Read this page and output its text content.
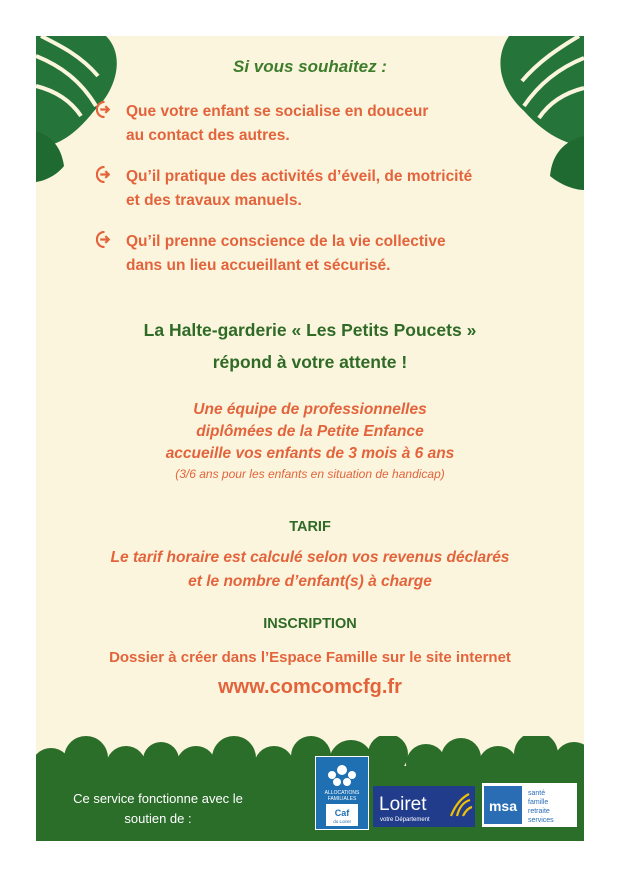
Si vous souhaitez :
Que votre enfant se socialise en douceur
au contact des autres.
Qu’il pratique des activités d’éveil, de motricité
et des travaux manuels.
Qu’il prenne conscience de la vie collective
dans un lieu accueillant et sécurisé.
La Halte-garderie « Les Petits Poucets »
répond à votre attente !
Une équipe de professionnelles
diplômées de la Petite Enfance
accueille vos enfants de 3 mois à 6 ans
(3/6 ans pour les enfants en situation de handicap)
TARIF
Le tarif horaire est calculé selon vos revenus déclarés
et le nombre d’enfant(s) à charge
INSCRIPTION
Dossier à créer dans l’Espace Famille sur le site internet
www.comcomcfg.fr
Ce service fonctionne avec le
soutien de :
ALLOCATIONS
FAMILIALES
Caf
du Loiret
Loiret
votre Département
msa
santé
famille
retraite
services
